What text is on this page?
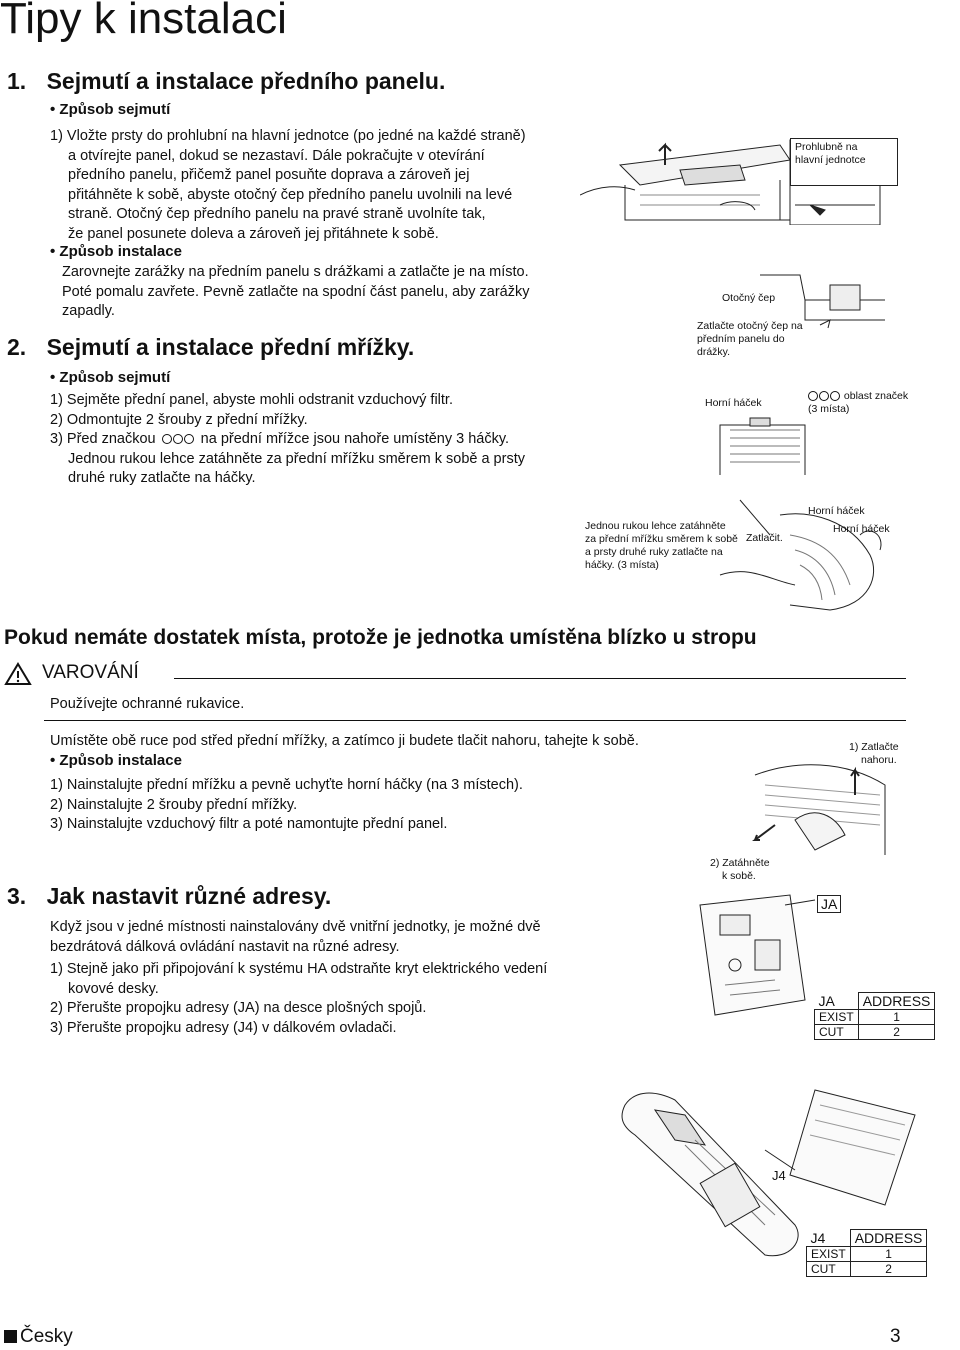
Tipy k instalaci
1. Sejmutí a instalace předního panelu.
• Způsob sejmutí
1) Vložte prsty do prohlubní na hlavní jednotce (po jedné na každé straně)
a otvírejte panel, dokud se nezastaví. Dále pokračujte v otevírání
předního panelu, přičemž panel posuňte doprava a zároveň jej
přitáhněte k sobě, abyste otočný čep předního panelu uvolnili na levé
straně. Otočný čep předního panelu na pravé straně uvolníte tak,
že panel posunete doleva a zároveň jej přitáhnete k sobě.
• Způsob instalace
Zarovnejte zarážky na předním panelu s drážkami a zatlačte je na místo.
Poté pomalu zavřete. Pevně zatlačte na spodní část panelu, aby zarážky
zapadly.
2. Sejmutí a instalace přední mřížky.
• Způsob sejmutí
1) Sejměte přední panel, abyste mohli odstranit vzduchový filtr.
2) Odmontujte 2 šrouby z přední mřížky.
3) Před značkou	na přední mřížce jsou nahoře umístěny 3 háčky.
Jednou rukou lehce zatáhněte za přední mřížku směrem k sobě a prsty
druhé ruky zatlačte na háčky.
Prohlubně na
hlavní jednotce
Otočný čep
Zatlačte otočný čep na
předním panelu do
drážky.
Horní háček
oblast značek
(3 místa)
Jednou rukou lehce zatáhněte
za přední mřížku směrem k sobě
a prsty druhé ruky zatlačte na
háčky. (3 místa)
Zatlačit.
Horní háček
Horní háček
Pokud nemáte dostatek místa, protože je jednotka umístěna blízko u stropu
VAROVÁNÍ
Používejte ochranné rukavice.
Umístěte obě ruce pod střed přední mřížky, a zatímco ji budete tlačit nahoru, tahejte k sobě.
• Způsob instalace
1) Nainstalujte přední mřížku a pevně uchyťte horní háčky (na 3 místech).
2) Nainstalujte 2 šrouby přední mřížky.
3) Nainstalujte vzduchový filtr a poté namontujte přední panel.
1) Zatlačte
nahoru.
2) Zatáhněte
k sobě.
3. Jak nastavit různé adresy.
Když jsou v jedné místnosti nainstalovány dvě vnitřní jednotky, je možné dvě
bezdrátová dálková ovládání nastavit na různé adresy.
1) Stejně jako při připojování k systému HA odstraňte kryt elektrického vedení
kovové desky.
2) Přerušte propojku adresy (JA) na desce plošných spojů.
3) Přerušte propojku adresy (J4) v dálkovém ovladači.
JA
JA	ADDRESS
EXIST	1
CUT	2
J4
J4	ADDRESS
EXIST	1
CUT	2
Česky	3
